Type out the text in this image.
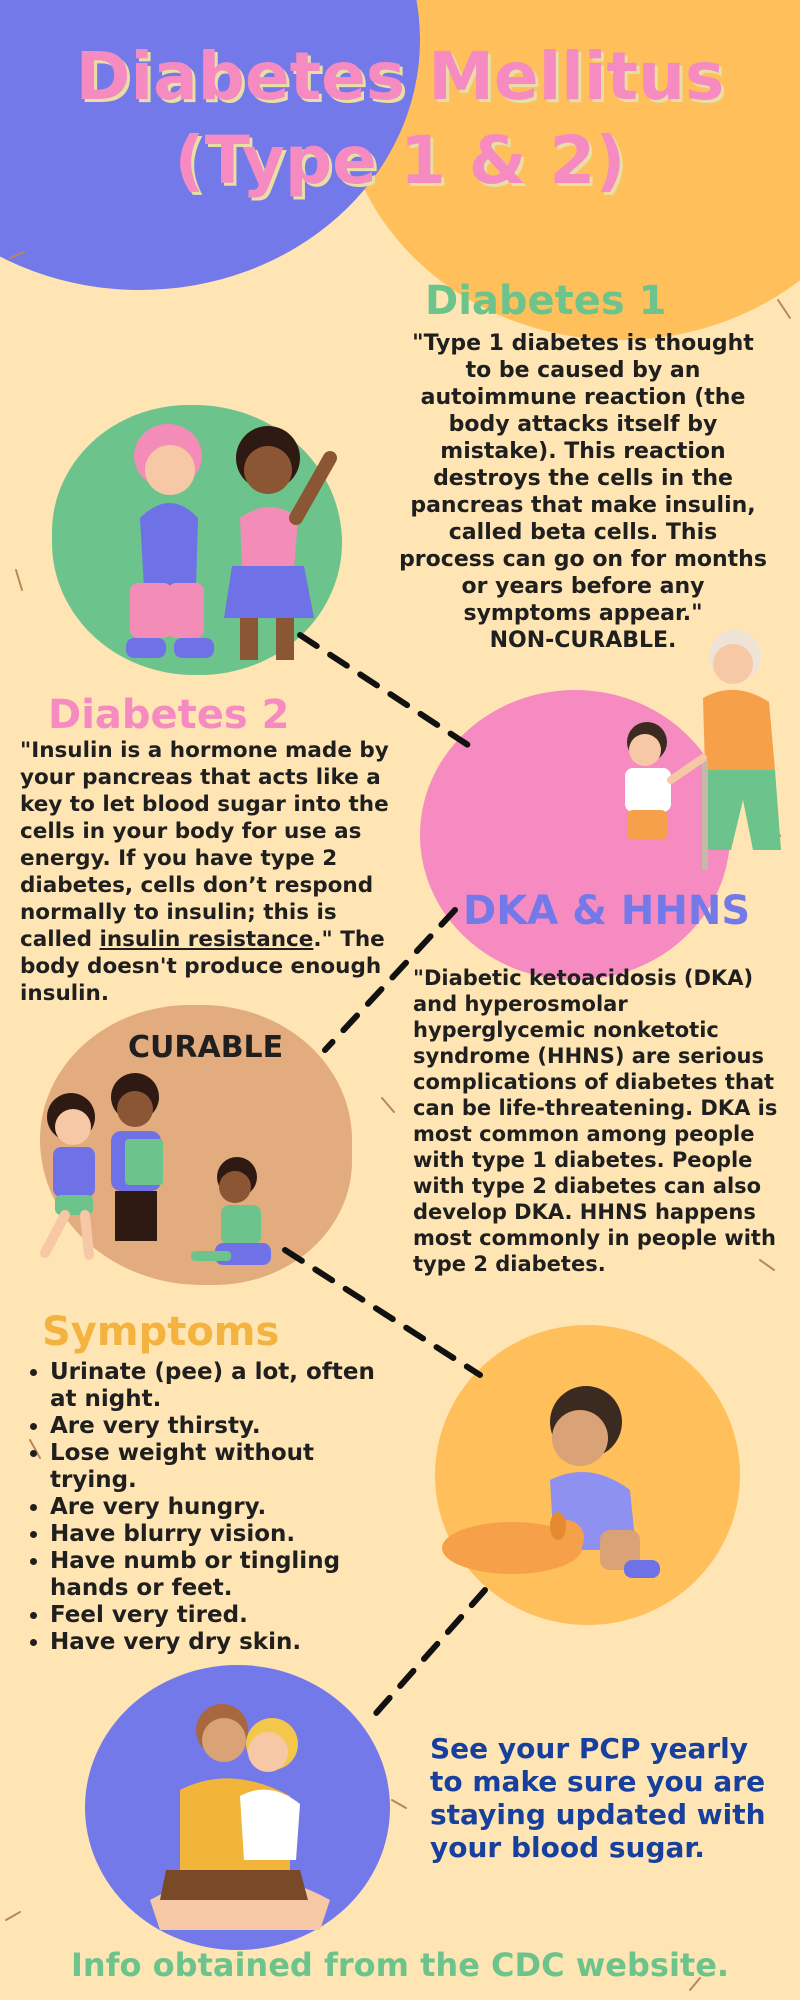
Diabetes Mellitus
(Type 1 & 2)
Diabetes 1
"Type 1 diabetes is thought to be caused by an autoimmune reaction (the body attacks itself by mistake). This reaction destroys the cells in the pancreas that make insulin, called beta cells. This process can go on for months or years before any symptoms appear."
NON-CURABLE.
Diabetes 2
"Insulin is a hormone made by your pancreas that acts like a key to let blood sugar into the cells in your body for use as energy. If you have type 2 diabetes, cells don’t respond normally to insulin; this is called insulin resistance." The body doesn't produce enough insulin.
CURABLE
DKA & HHNS
"Diabetic ketoacidosis (DKA) and hyperosmolar hyperglycemic nonketotic syndrome (HHNS) are serious complications of diabetes that can be life-threatening. DKA is most common among people with type 1 diabetes. People with type 2 diabetes can also develop DKA. HHNS happens most commonly in people with type 2 diabetes.
Symptoms
• Urinate (pee) a lot, often at night.
• Are very thirsty.
• Lose weight without trying.
• Are very hungry.
• Have blurry vision.
• Have numb or tingling hands or feet.
• Feel very tired.
• Have very dry skin.
See your PCP yearly to make sure you are staying updated with your blood sugar.
Info obtained from the CDC website.
